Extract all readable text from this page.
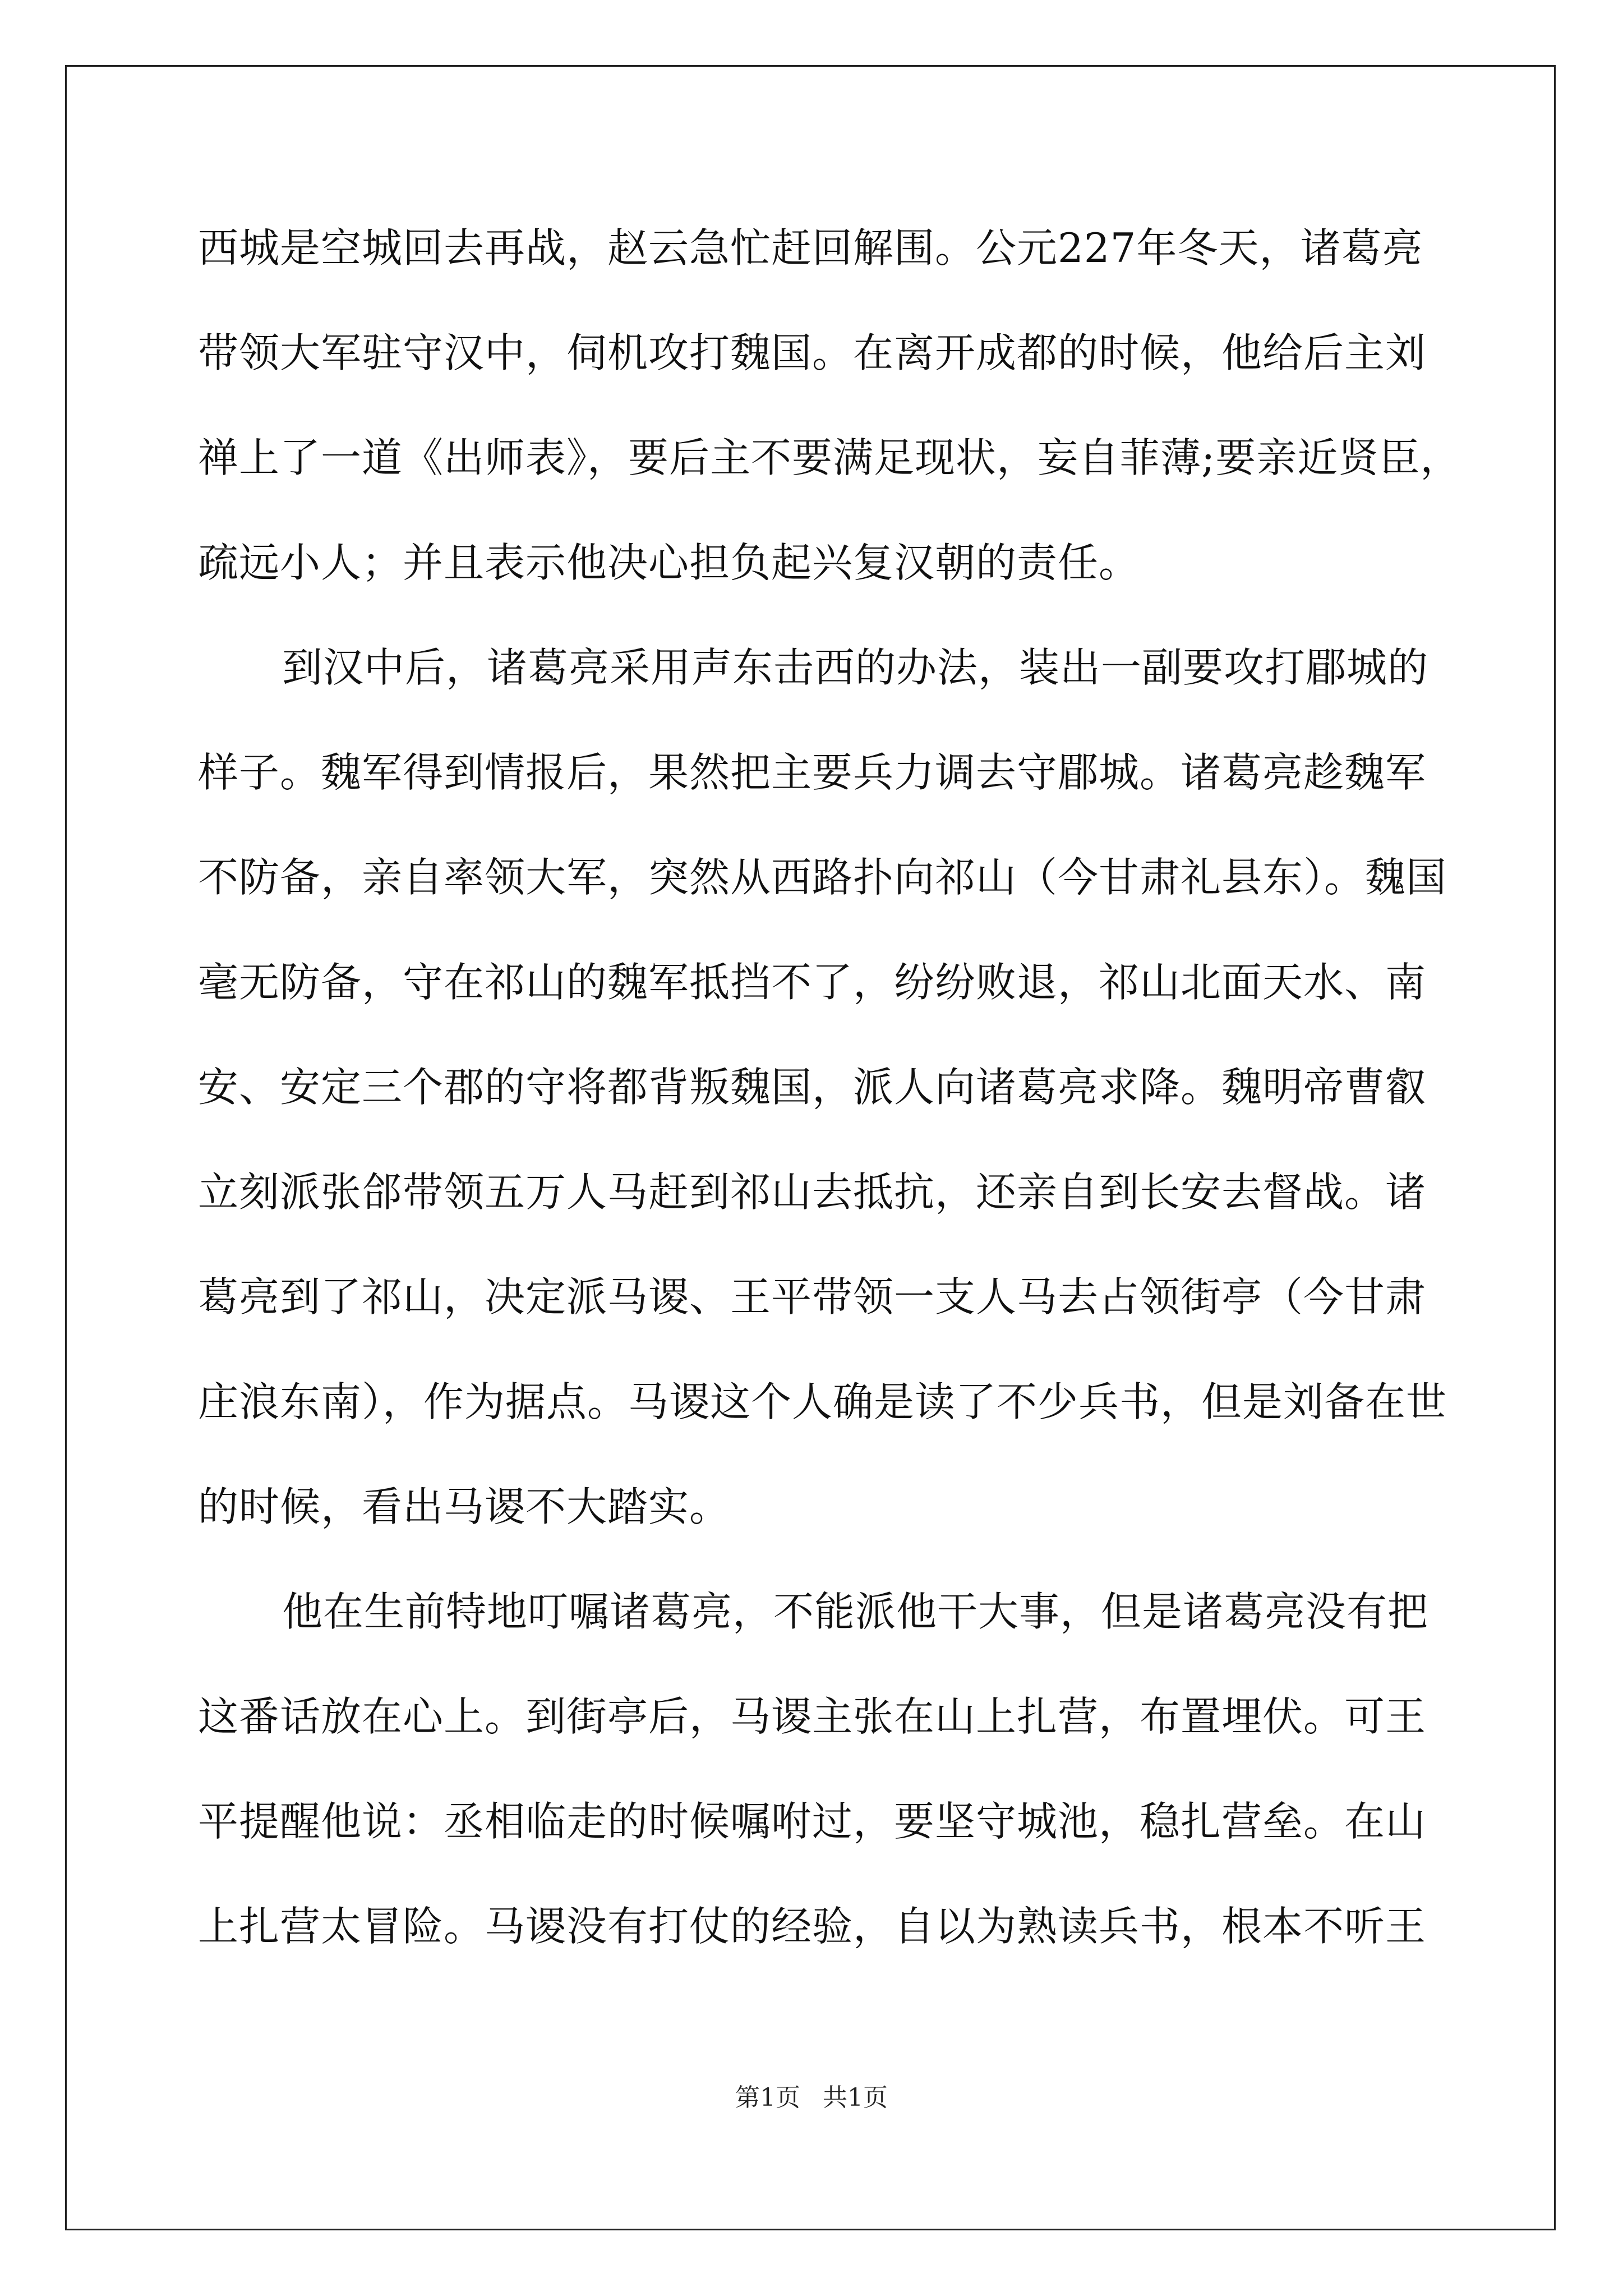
西城是空城回去再战，赵云急忙赶回解围。公元227年冬天，诸葛亮
带领大军驻守汉中，伺机攻打魏国。在离开成都的时候，他给后主刘
禅上了一道《出师表》，要后主不要满足现状，妄自菲薄;要亲近贤臣，
疏远小人；并且表示他决心担负起兴复汉朝的责任。
到汉中后，诸葛亮采用声东击西的办法，装出一副要攻打郿城的
样子。魏军得到情报后，果然把主要兵力调去守郿城。诸葛亮趁魏军
不防备，亲自率领大军，突然从西路扑向祁山（今甘肃礼县东）。魏国
毫无防备，守在祁山的魏军抵挡不了，纷纷败退，祁山北面天水、南
安、安定三个郡的守将都背叛魏国，派人向诸葛亮求降。魏明帝曹叡
立刻派张郃带领五万人马赶到祁山去抵抗，还亲自到长安去督战。诸
葛亮到了祁山，决定派马谡、王平带领一支人马去占领街亭（今甘肃
庄浪东南），作为据点。马谡这个人确是读了不少兵书，但是刘备在世
的时候，看出马谡不大踏实。
他在生前特地叮嘱诸葛亮，不能派他干大事，但是诸葛亮没有把
这番话放在心上。到街亭后，马谡主张在山上扎营，布置埋伏。可王
平提醒他说：丞相临走的时候嘱咐过，要坚守城池，稳扎营垒。在山
上扎营太冒险。马谡没有打仗的经验，自以为熟读兵书，根本不听王
第1页 共1页
